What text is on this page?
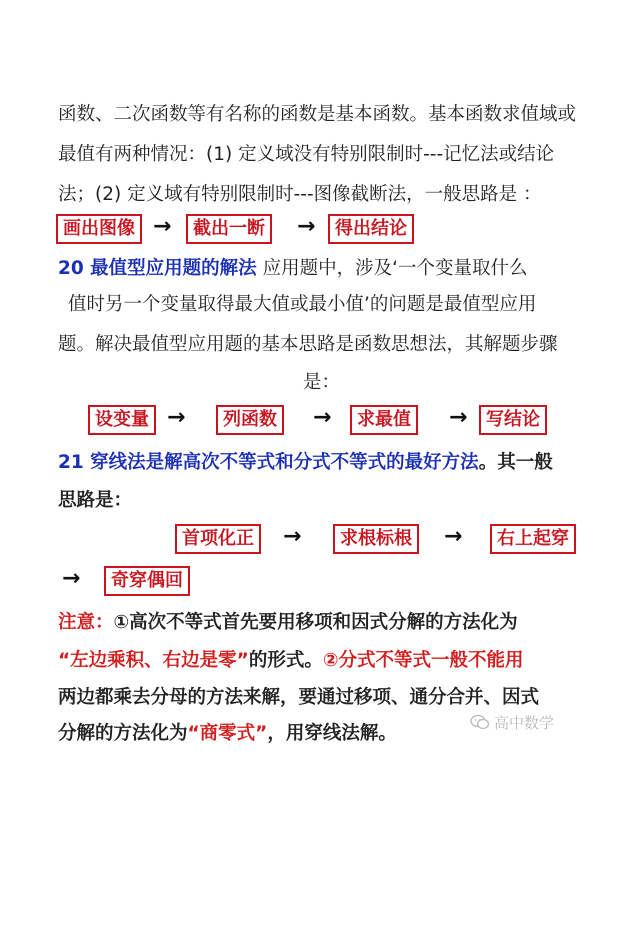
函数、二次函数等有名称的函数是基本函数。基本函数求值域或
最值有两种情况：(1) 定义域没有特别限制时---记忆法或结论
法；(2) 定义域有特别限制时---图像截断法，一般思路是 ：
画出图像 →	截出一断	→	得出结论
20 最值型应用题的解法 应用题中，涉及‘一个变量取什么
值时另一个变量取得最大值或最小值’的问题是最值型应用
题。解决最值型应用题的基本思路是函数思想法，其解题步骤
是：
设变量 →	列函数	→	求最值	→	写结论
21 穿线法是解高次不等式和分式不等式的最好方法。其一般
思路是：
首项化正	→	求根标根	→	右上起穿
→	奇穿偶回
注意：①高次不等式首先要用移项和因式分解的方法化为
“左边乘积、右边是零”的形式。②分式不等式一般不能用
两边都乘去分母的方法来解，要通过移项、通分合并、因式
分解的方法化为“商零式”，用穿线法解。	高中数学
